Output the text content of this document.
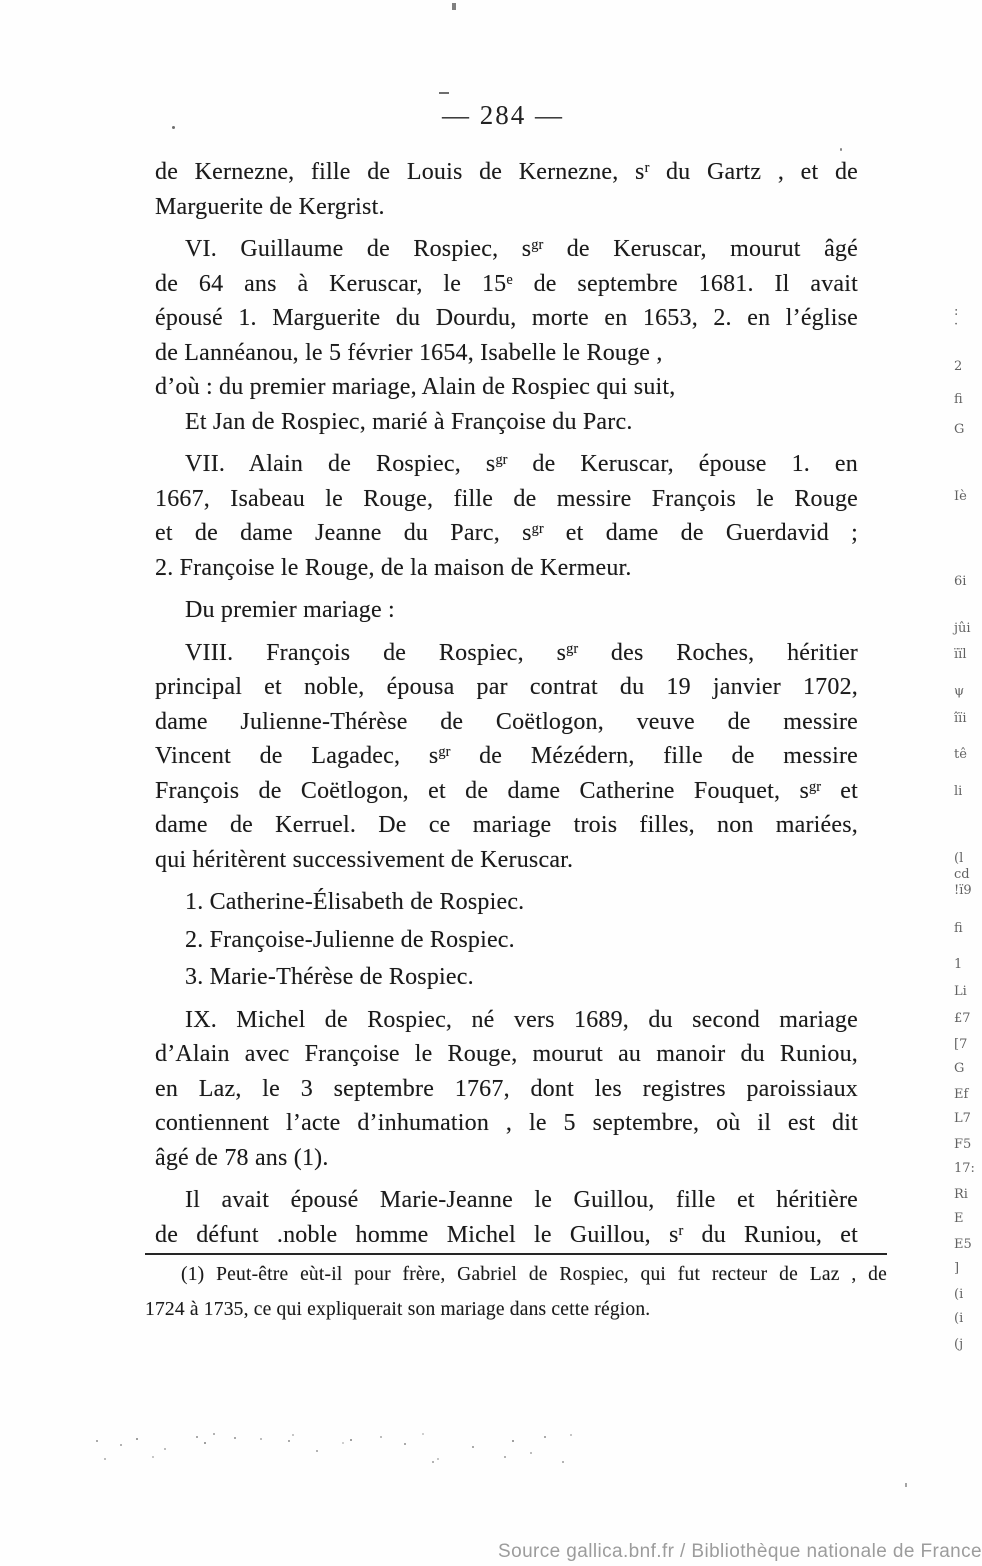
— 284 —
de Kernezne, fille de Louis de Kernezne, $s^r$ du Gartz , et de
Marguerite de Kergrist.
VI. Guillaume de Rospiec, $s^{gr}$ de Keruscar, mourut âgé
de 64 ans à Keruscar, le 15e de septembre 1681. Il avait
épousé 1. Marguerite du Dourdu, morte en 1653, 2. en l’église
de Lannéanou, le 5 février 1654, Isabelle le Rouge ,
d’où : du premier mariage, Alain de Rospiec qui suit,
Et Jan de Rospiec, marié à Françoise du Parc.
VII. Alain de Rospiec, $s^{gr}$ de Keruscar, épouse 1. en
1667, Isabeau le Rouge, fille de messire François le Rouge
et de dame Jeanne du Parc, $s^{gr}$ et dame de Guerdavid ;
2. Françoise le Rouge, de la maison de Kermeur.
Du premier mariage :
VIII. François de Rospiec, $s^{gr}$ des Roches, héritier
principal et noble, épousa par contrat du 19 janvier 1702,
dame Julienne-Thérèse de Coëtlogon, veuve de messire
Vincent de Lagadec, $s^{gr}$ de Mézédern, fille de messire
François de Coëtlogon, et de dame Catherine Fouquet, $s^{gr}$ et
dame de Kerruel. De ce mariage trois filles, non mariées,
qui héritèrent successivement de Keruscar.
1. Catherine-Élisabeth de Rospiec.
2. Françoise-Julienne de Rospiec.
3. Marie-Thérèse de Rospiec.
IX. Michel de Rospiec, né vers 1689, du second mariage
d’Alain avec Françoise le Rouge, mourut au manoir du Runiou,
en Laz, le 3 septembre 1767, dont les registres paroissiaux
contiennent l’acte d’inhumation , le 5 septembre, où il est dit
âgé de 78 ans (1).
Il avait épousé Marie-Jeanne le Guillou, fille et héritière
de défunt .noble homme Michel le Guillou, $s^r$ du Runiou, et
(1) Peut-être eùt-il pour frère, Gabriel de Rospiec, qui fut recteur de Laz , de
1724 à 1735, ce qui expliquerait son mariage dans cette région.
:
·
2
fi
G
Iè
6i
jûi
ïïl
ψ
îïi
tê
li
(l
cd
!ï9
fi
1
Li
£7
[7
G
Ef
L7
F5
17:
Ri
E
E5
]
(i
(i
(j
Source gallica.bnf.fr / Bibliothèque nationale de France
